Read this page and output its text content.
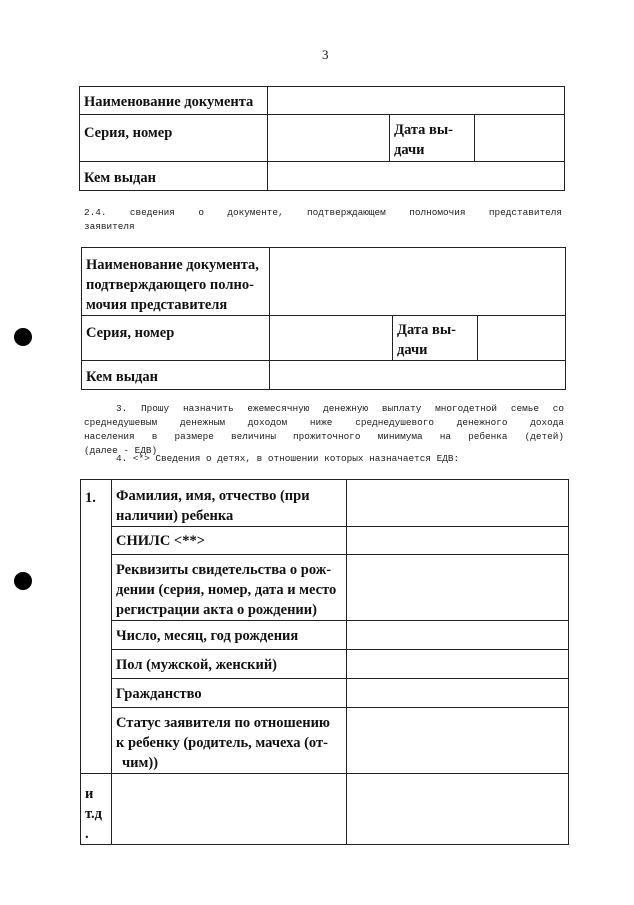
3
Наименование документа			
Серия, номер		Дата вы-
дачи	

Кем выдан			
2.4. сведения о документе, подтверждающем полномочия представителя
заявителя
Наименование документа,
подтверждающего полно-
мочия представителя			

Серия, номер		Дата вы-
дачи	

Кем выдан			
3. Прошу назначить ежемесячную денежную выплату многодетной семье со
среднедушевым денежным доходом ниже среднедушевого денежного дохода
населения в размере величины прожиточного минимума на ребенка (детей)
(далее - ЕДВ)
4. <*> Сведения о детях, в отношении которых назначается ЕДВ:
1.	Фамилия, имя, отчество (при
наличии) ребенка	

	СНИЛС <**>	

	Реквизиты свидетельства о рож-
дении (серия, номер, дата и место
регистрации акта о рождении)	

	Число, месяц, год рождения	
	Пол (мужской, женский)	
	Гражданство	

	Статус заявителя по отношению
к ребенку (родитель, мачеха (от-
чим))	

и
т.д
.		
